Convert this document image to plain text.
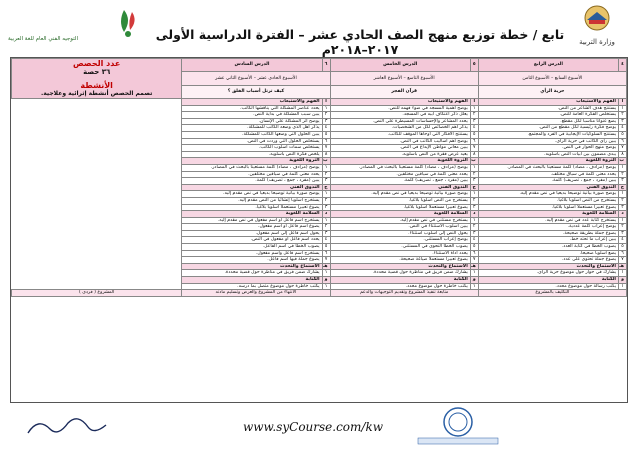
التوجيه الفني العام للغة العربية	تابع / خطة توزيع منهج الصف الحادي عشر – الفترة الدراسية الأولى ٢٠١٧–٢٠١٨م	وزارة التربية
٤	الدرس الرابع	٥	الدرس الخامس	٦	الدرس السادس	عدد الحصص
٣٦ حصة
الأنشطة
تصمم الحصص أنشطة إثرائية وعلاجية.

الأسبوع السابع – الأسبوع الثامن		الأسبوع التاسع – الأسبوع العاشر		الأسبوع الحادي عشر – الأسبوع الثاني عشر		
حرية الرأي		قرآن الفجر		كيف ترتل أسباب القلق ؟		
أ	الفهم والاستيعاب	أ	الفهم والاستيعاب	أ	الفهم والاستيعاب	
١	يستنتج هدف الشاعر من النص.	١	يوضح أهمية المسجد في ضوء فهمه للنص.	١	يحدد عناصر المشكلة التي يناقشها الكاتب.	
٢	يستخلص الفكرة العامة للنص.	٢	يعلل ذكر اعتكاف أبيه في المسجد.	٢	يبين سبب المشكلة في بداية النص.	
٣	يضع عنوانا مناسبا لكل مقطع.	٣	يحدد المشاعر والإحساسات المسيطرة على النص.	٣	يوضح أثر المشكلة على الإنسان.	
٤	يوضح فكرة رئيسية لكل مقطع من النص.	٤	يذكر أهم الخصائص لكل من الشخصيات.	٤	يذكر أهل الذي وضعه الكاتب للمشكلة.	
٥	يستنتج السلوكيات الإيجابية في الفرد والمجتمع.	٥	يستنتج الأفكار التي أوحاها الموقف للكاتب.	٥	يبين الحلول التي وضعها الكاتب للمشكلة.	
٦	يبين رأي الكاتب في حرية الرأي.	٦	يوضح أهم أساليب الكاتب في النص.	٦	يستخلص الحلول التي وردت في النص.	
٧	يوضح منهج الحوار في النص.	٧	يبين معاني مواطن الإبداع في النص.	٧	يستخلص سمات أسلوب الكاتب.	
٨	يبدي مضمون بين أبيات النص بأسلوبه.	٨	يعيد عرض فقرة من النص بأسلوبه.	٨	يلخص فكرة النص بأسلوبه.	
ب	الثروة اللغوية	ب	الثروة اللغوية	ب	الثروة اللغوية	
١	يوضح (مرادف ، مضاد) كلمة مستعينا بالبحث في المصادر.	١	يوضح (مرادف ، مضاد) كلمة مستعينا بالبحث في المصادر.	١	يوضح (مرادف ، مضاد) كلمة مستعينا بالبحث في المصادر.	
٢	يحدد معنى كلمة في سياق مختلف.	٢	يحدد معنى كلمة في سياقين مختلفين.	٢	يحدد معنى كلمة في سياقين مختلفين.	
٣	يبين (مفرد ، جمع ، تصريف) كلمة.	٣	يبين (مفرد ، جمع ، تصريف) كلمة.	٣	يبين (مفرد ، جمع ، تصريف) كلمة.	
ج	التذوق الفني	ج	التذوق الفني	ج	التذوق الفني	
١	يوضح صورة بيانية توضيحا بديعيا في نص مقدم إليه.	١	يوضح صورة بيانية توضيحا بديعيا في نص مقدم إليه.	١	يوضح صورة بيانية توضيحا بديعيا في نص مقدم إليه.	
٢	يستخرج من النص أسلوبا بلاغيا.	٢	يستخرج من النص أسلوبا بلاغيا.	٢	يستخرج أسلوبا إنشائيا من النص مقدم إليه.	
٣	يصوغ تعبيرا مستعملا أسلوبا بلاغيا.	٣	يصوغ تعبيرا مستعملا أسلوبا بلاغيا.	٣	يصوغ تعبيرا مستعملا أسلوبا بلاغيا.	
د	السلامة اللغوية	د	السلامة اللغوية	د	السلامة اللغوية	
١	يستخرج كتابة عدد في نص مقدم إليه.	١	يستخرج مستثنى في نص مقدم إليه.	١	يستخرج اسم فاعل أو اسم مفعول في نص مقدم إليه.	
٢	يوضح إعراب كلمة عددية.	٢	يبين أسلوب الاستثناء في النص.	٢	يصوغ اسم فاعل أو اسم مفعول.	
٣	يصوغ جملة بطريقة صحيحة.	٣	يحول النص إلى أسلوب استثناء.	٣	يحول اسم فاعل إلى اسم مفعول.	
٤	يبين إعراب ما تحته خط.	٤	يوضح إعراب المستثنى.	٤	يحدد اسم فاعل أو مفعول في النص.	
٥	يصوب الخطأ في كتابة العدد.	٥	يصوب الخطأ النحوي في المستثنى.	٥	يصوب الخطأ في اسم الفاعل.	
٦	يضع أسلوبا صحيحا.	٦	يحدد أداة الاستثناء.	٦	يستخرج اسم فاعل واسم مفعول.	
٧	يصوغ جملة تحتوي على عدد.	٧	يصوغ تعبيرا مستعملا صياغة صحيحة.	٧	يصوغ جملة فيها اسم فاعل.	
هـ	الاستماع والتحدث	هـ	الاستماع والتحدث	هـ	الاستماع والتحدث	
١	يشارك في حوار حول موضوع حرية الرأي.	١	يشارك ضمن فريق في مناظرة حول قضية محددة.	١	يشارك ضمن فريق في مناظرة حول قضية محددة.	
و	الكتابة	و	الكتابة	و	الكتابة	
١	يكتب رسالة حول موضوع محدد.	١	يكتب خاطرة حول موضوع محدد.	١	يكتب خاطرة حول موضوع متصل بما درسه.	
التكليف بالمشروع		متابعة تنفيذ المشروع وتقديم التوجيهات والدعم		الانتهاء من المشروع والعرض وتسليم مادته		المشروع ( فردي )
www.syCourse.com/kw
